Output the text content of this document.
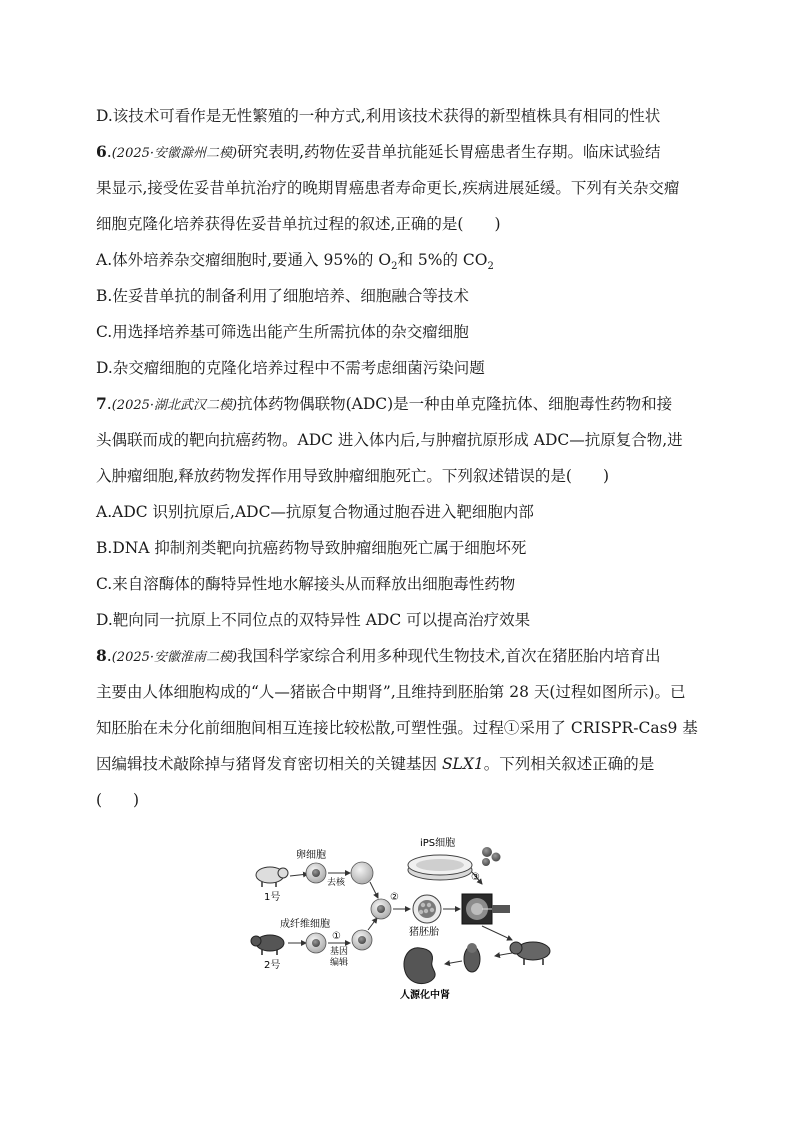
D.该技术可看作是无性繁殖的一种方式,利用该技术获得的新型植株具有相同的性状
6.(2025·安徽滁州二模)研究表明,药物佐妥昔单抗能延长胃癌患者生存期。临床试验结
果显示,接受佐妥昔单抗治疗的晚期胃癌患者寿命更长,疾病进展延缓。下列有关杂交瘤
细胞克隆化培养获得佐妥昔单抗过程的叙述,正确的是(　　)
A.体外培养杂交瘤细胞时,要通入 95%的 $O_2$和 5%的 $CO_2$
B.佐妥昔单抗的制备利用了细胞培养、细胞融合等技术
C.用选择培养基可筛选出能产生所需抗体的杂交瘤细胞
D.杂交瘤细胞的克隆化培养过程中不需考虑细菌污染问题
7.(2025·湖北武汉二模)抗体药物偶联物(ADC)是一种由单克隆抗体、细胞毒性药物和接
头偶联而成的靶向抗癌药物。ADC 进入体内后,与肿瘤抗原形成 ADC—抗原复合物,进
入肿瘤细胞,释放药物发挥作用导致肿瘤细胞死亡。下列叙述错误的是(　　)
A.ADC 识别抗原后,ADC—抗原复合物通过胞吞进入靶细胞内部
B.DNA 抑制剂类靶向抗癌药物导致肿瘤细胞死亡属于细胞坏死
C.来自溶酶体的酶特异性地水解接头从而释放出细胞毒性药物
D.靶向同一抗原上不同位点的双特异性 ADC 可以提高治疗效果
8.(2025·安徽淮南二模)我国科学家综合利用多种现代生物技术,首次在猪胚胎内培育出
主要由人体细胞构成的“人—猪嵌合中期肾”,且维持到胚胎第 28 天(过程如图所示)。已
知胚胎在未分化前细胞间相互连接比较松散,可塑性强。过程①采用了 CRISPR-Cas9 基
因编辑技术敲除掉与猪肾发育密切相关的关键基因 SLX1。下列相关叙述正确的是
(　　)
1号
卵细胞
去核
2号
成纤维细胞
①
基因
编辑
②
猪胚胎
iPS细胞
③
人源化中肾
